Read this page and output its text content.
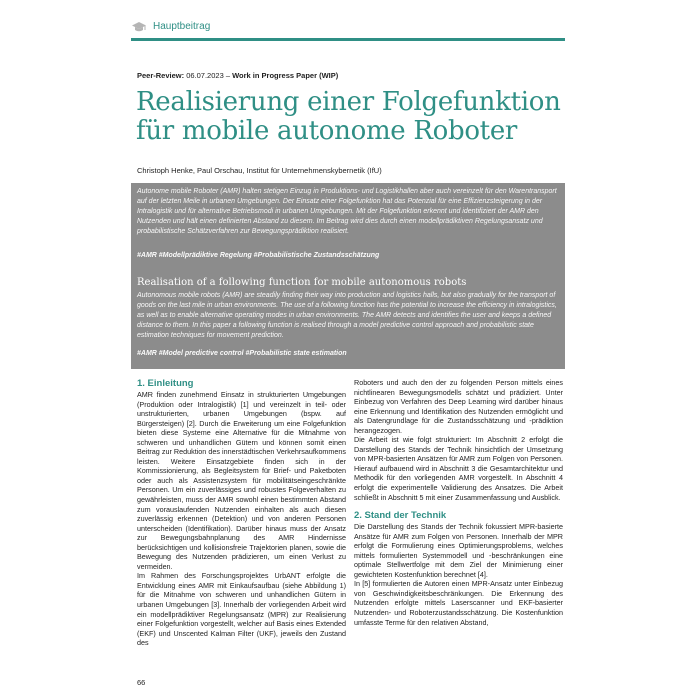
Hauptbeitrag
Peer-Review: 06.07.2023 – Work in Progress Paper (WIP)
Realisierung einer Folgefunktion
für mobile autonome Roboter
Christoph Henke, Paul Orschau, Institut für Unternehmenskybernetik (IfU)
Autonome mobile Roboter (AMR) halten stetigen Einzug in Produktions- und Logistikhallen aber auch vereinzelt für den Warentransport auf der letzten Meile in urbanen Umgebungen. Der Einsatz einer Folgefunktion hat das Potenzial für eine Effizienzsteigerung in der Intralogistik und für alternative Betriebsmodi in urbanen Umgebungen. Mit der Folgefunktion erkennt und identifiziert der AMR den Nutzenden und hält einen definierten Abstand zu diesem. Im Beitrag wird dies durch einen modellprädiktiven Regelungsansatz und probabilistische Schätzverfahren zur Bewegungsprädiktion realisiert.
#AMR #Modellprädiktive Regelung #Probabilistische Zustandsschätzung
Realisation of a following function for mobile autonomous robots
Autonomous mobile robots (AMR) are steadily finding their way into production and logistics halls, but also gradually for the transport of goods on the last mile in urban environments. The use of a following function has the potential to increase the efficiency in intralogistics, as well as to enable alternative operating modes in urban environments. The AMR detects and identifies the user and keeps a defined distance to them. In this paper a following function is realised through a model predictive control approach and probabilistic state estimation techniques for movement prediction.
#AMR #Model predictive control #Probabilistic state estimation
1. Einleitung

AMR finden zunehmend Einsatz in strukturierten Umgebungen (Produktion oder Intralogistik) [1] und vereinzelt in teil- oder unstrukturierten, urbanen Umgebungen (bspw. auf Bürgersteigen) [2]. Durch die Erweiterung um eine Folgefunktion bieten diese Systeme eine Alternative für die Mitnahme von schweren und unhandlichen Gütern und können somit einen Beitrag zur Reduktion des innerstädtischen Verkehrsaufkommens leisten. Weitere Einsatzgebiete finden sich in der Kommissionierung, als Begleitsystem für Brief- und Paketboten oder auch als Assistenzsystem für mobilitätseingeschränkte Personen. Um ein zuverlässiges und robustes Folgeverhalten zu gewährleisten, muss der AMR sowohl einen bestimmten Abstand zum vorauslaufenden Nutzenden einhalten als auch diesen zuverlässig erkennen (Detektion) und von anderen Personen unterscheiden (Identifikation). Darüber hinaus muss der Ansatz zur Bewegungsbahnplanung des AMR Hindernisse berücksichtigen und kollisionsfreie Trajektorien planen, sowie die Bewegung des Nutzenden prädizieren, um einen Verlust zu vermeiden.

Im Rahmen des Forschungsprojektes UrbANT erfolgte die Entwicklung eines AMR mit Einkaufsaufbau (siehe Abbildung 1) für die Mitnahme von schweren und unhandlichen Gütern in urbanen Umgebungen [3]. Innerhalb der vorliegenden Arbeit wird ein modellprädiktiver Regelungsansatz (MPR) zur Realisierung einer Folgefunktion vorgestellt, welcher auf Basis eines Extended (EKF) und Unscented Kalman Filter (UKF), jeweils den Zustand des

Roboters und auch den der zu folgenden Person mittels eines nichtlinearen Bewegungsmodells schätzt und prädiziert. Unter Einbezug von Verfahren des Deep Learning wird darüber hinaus eine Erkennung und Identifikation des Nutzenden ermöglicht und als Datengrundlage für die Zustandsschätzung und -prädiktion herangezogen.

Die Arbeit ist wie folgt strukturiert: Im Abschnitt 2 erfolgt die Darstellung des Stands der Technik hinsichtlich der Umsetzung von MPR-basierten Ansätzen für AMR zum Folgen von Personen. Hierauf aufbauend wird in Abschnitt 3 die Gesamtarchitektur und Methodik für den vorliegenden AMR vorgestellt. In Abschnitt 4 erfolgt die experimentelle Validierung des Ansatzes. Die Arbeit schließt in Abschnitt 5 mit einer Zusammenfassung und Ausblick.

2. Stand der Technik

Die Darstellung des Stands der Technik fokussiert MPR-basierte Ansätze für AMR zum Folgen von Personen. Innerhalb der MPR erfolgt die Formulierung eines Optimierungsproblems, welches mittels formulierten Systemmodell und -beschränkungen eine optimale Stellwertfolge mit dem Ziel der Minimierung einer gewichteten Kostenfunktion berechnet [4].

In [5] formulierten die Autoren einen MPR-Ansatz unter Einbezug von Geschwindigkeitsbeschränkungen. Die Erkennung des Nutzenden erfolgte mittels Laserscanner und EKF-basierter Nutzenden- und Roboterzustandsschätzung. Die Kostenfunktion umfasste Terme für den relativen Abstand,

66
